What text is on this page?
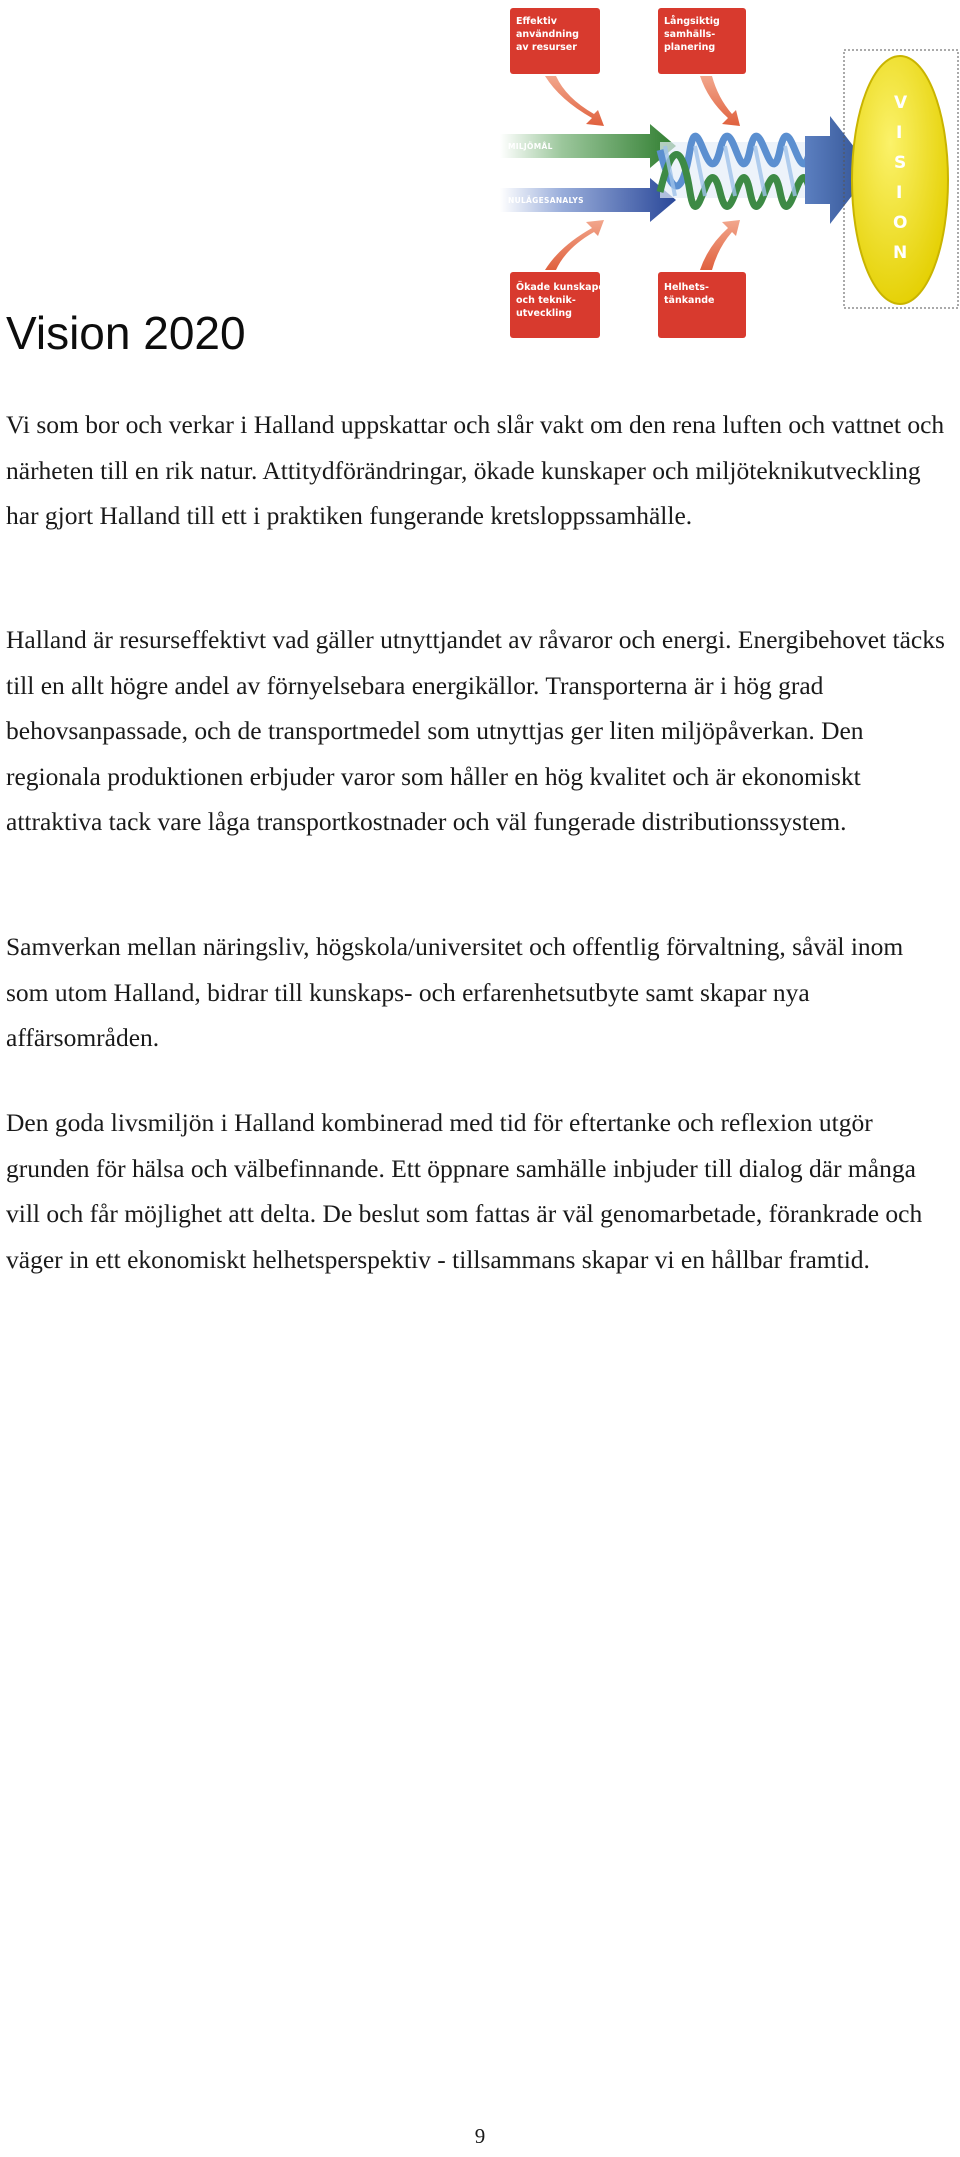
Effektiv
användning
av resurser
Långsiktig
samhälls-
planering
MILJÖMÅL
NULÄGESANALYS
V
I
S
I
O
N
Ökade kunskaper
och teknik-
utveckling
Helhets-
tänkande
Vision 2020

Vi som bor och verkar i Halland uppskattar och slår vakt om den rena luften och vattnet och närheten till en rik natur. Attitydförändringar, ökade kunskaper och miljöteknikutveckling har gjort Halland till ett i praktiken fungerande kretsloppssamhälle.

Halland är resurseffektivt vad gäller utnyttjandet av råvaror och energi. Energibehovet täcks till en allt högre andel av förnyelsebara energikällor. Transporterna är i hög grad behovsanpassade, och de transportmedel som utnyttjas ger liten miljöpåverkan. Den regionala produktionen erbjuder varor som håller en hög kvalitet och är ekonomiskt attraktiva tack vare låga transportkostnader och väl fungerade distributionssystem.

Samverkan mellan näringsliv, högskola/universitet och offentlig förvaltning, såväl inom som utom Halland, bidrar till kunskaps- och erfarenhetsutbyte samt skapar nya affärsområden.

Den goda livsmiljön i Halland kombinerad med tid för eftertanke och reflexion utgör grunden för hälsa och välbefinnande. Ett öppnare samhälle inbjuder till dialog där många vill och får möjlighet att delta. De beslut som fattas är väl genomarbetade, förankrade och väger in ett ekonomiskt helhetsperspektiv - tillsammans skapar vi en hållbar framtid.

9
